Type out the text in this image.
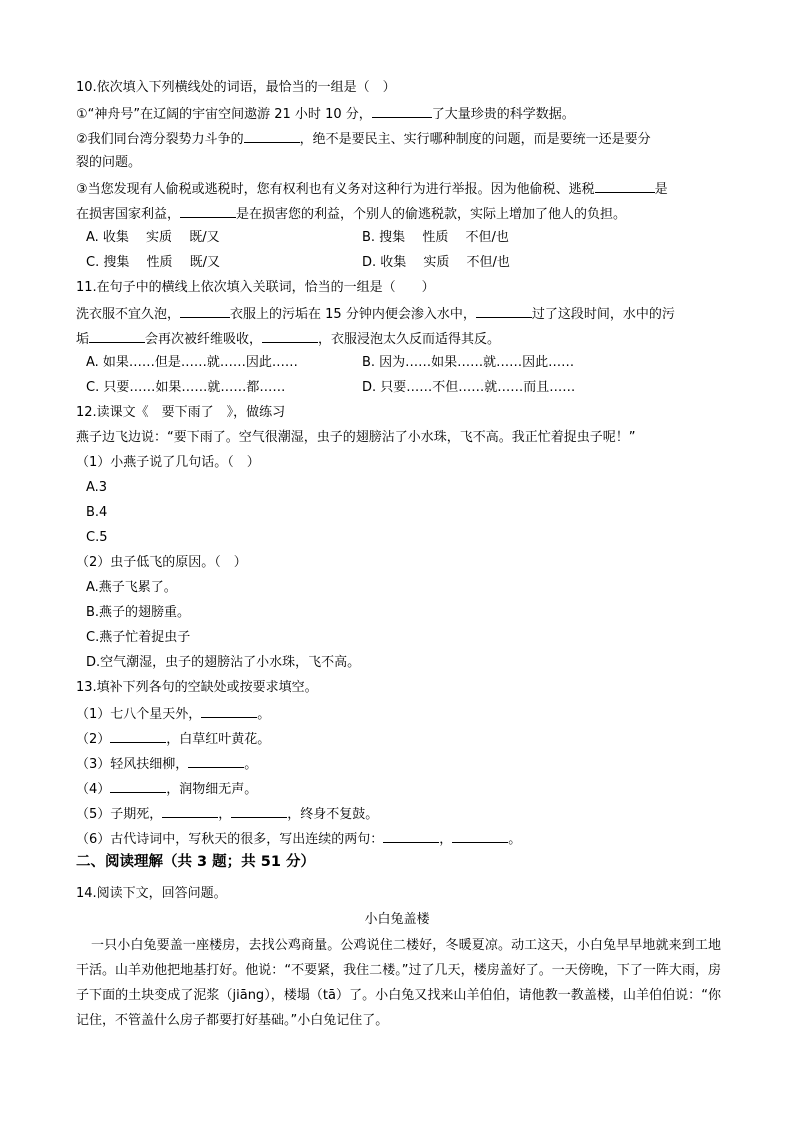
10.依次填入下列横线处的词语，最恰当的一组是（　）
①“神舟号”在辽阔的宇宙空间遨游 21 小时 10 分，	了大量珍贵的科学数据。
②我们同台湾分裂势力斗争的	，绝不是要民主、实行哪种制度的问题，而是要统一还是要分
裂的问题。
③当您发现有人偷税或逃税时，您有权利也有义务对这种行为进行举报。因为他偷税、逃税	是
在损害国家利益，	是在损害您的利益，个别人的偷逃税款，实际上增加了他人的负担。
A. 收集　 实质　 既/又	B. 搜集　 性质　 不但/也
C. 搜集　 性质　 既/又	D. 收集　 实质　 不但/也
11.在句子中的横线上依次填入关联词，恰当的一组是（　　）
洗衣服不宜久泡，	衣服上的污垢在 15 分钟内便会渗入水中，	过了这段时间，水中的污
垢	会再次被纤维吸收，	，衣服浸泡太久反而适得其反。
A. 如果……但是……就……因此……	B. 因为……如果……就……因此……
C. 只要……如果……就……都……	D. 只要……不但……就……而且……
12.读课文《　要下雨了　》，做练习
燕子边飞边说：“要下雨了。空气很潮湿，虫子的翅膀沾了小水珠，飞不高。我正忙着捉虫子呢！”
（1）小燕子说了几句话。（　）
A.3
B.4
C.5
（2）虫子低飞的原因。（　）
A.燕子飞累了。
B.燕子的翅膀重。
C.燕子忙着捉虫子
D.空气潮湿，虫子的翅膀沾了小水珠，飞不高。
13.填补下列各句的空缺处或按要求填空。
（1）七八个星天外，	。
（2）	，白草红叶黄花。
（3）轻风扶细柳，	。
（4）	，润物细无声。
（5）子期死，	，	，终身不复鼓。
（6）古代诗词中，写秋天的很多，写出连续的两句：	，	。
二、阅读理解（共 3 题；共 51 分）
14.阅读下文，回答问题。
小白兔盖楼
一只小白兔要盖一座楼房，去找公鸡商量。公鸡说住二楼好，冬暖夏凉。动工这天，小白兔早早地就来到工地干活。山羊劝他把地基打好。他说：“不要紧，我住二楼。”过了几天，楼房盖好了。一天傍晚，下了一阵大雨，房子下面的土块变成了泥浆（jiāng），楼塌（tā）了。小白兔又找来山羊伯伯，请他教一教盖楼，山羊伯伯说：“你记住，不管盖什么房子都要打好基础。”小白兔记住了。
